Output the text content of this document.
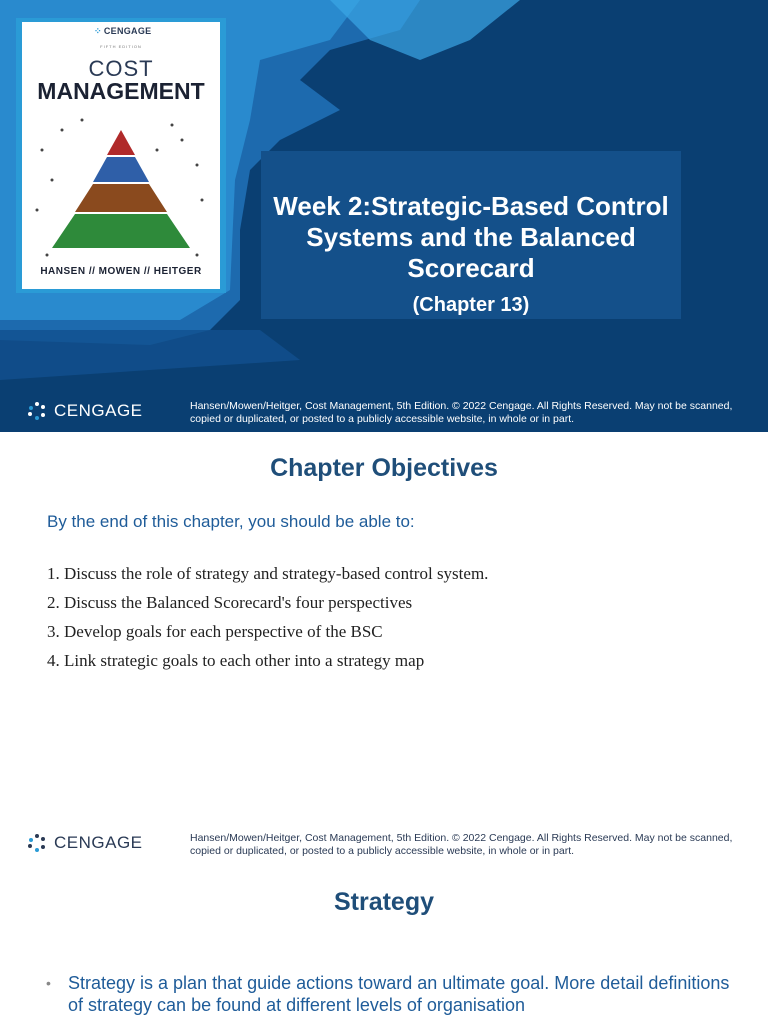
⁘ CENGAGE
FIFTH EDITION
COST
MANAGEMENT
HANSEN // MOWEN // HEITGER
Week 2:Strategic-Based Control Systems and the Balanced Scorecard
(Chapter 13)
CENGAGE	Hansen/Mowen/Heitger, Cost Management, 5th Edition. © 2022 Cengage. All Rights Reserved. May not be scanned, copied or duplicated, or posted to a publicly accessible website, in whole or in part.
Chapter Objectives
By the end of this chapter, you should be able to:
1. Discuss the role of strategy and strategy-based control system.
2. Discuss the Balanced Scorecard's four perspectives
3. Develop goals for each perspective of the BSC
4. Link strategic goals to each other into a strategy map
CENGAGE	Hansen/Mowen/Heitger, Cost Management, 5th Edition. © 2022 Cengage. All Rights Reserved. May not be scanned, copied or duplicated, or posted to a publicly accessible website, in whole or in part.
Strategy
• Strategy is a plan that guide actions toward an ultimate goal. More detail definitions of strategy can be found at different levels of organisation
